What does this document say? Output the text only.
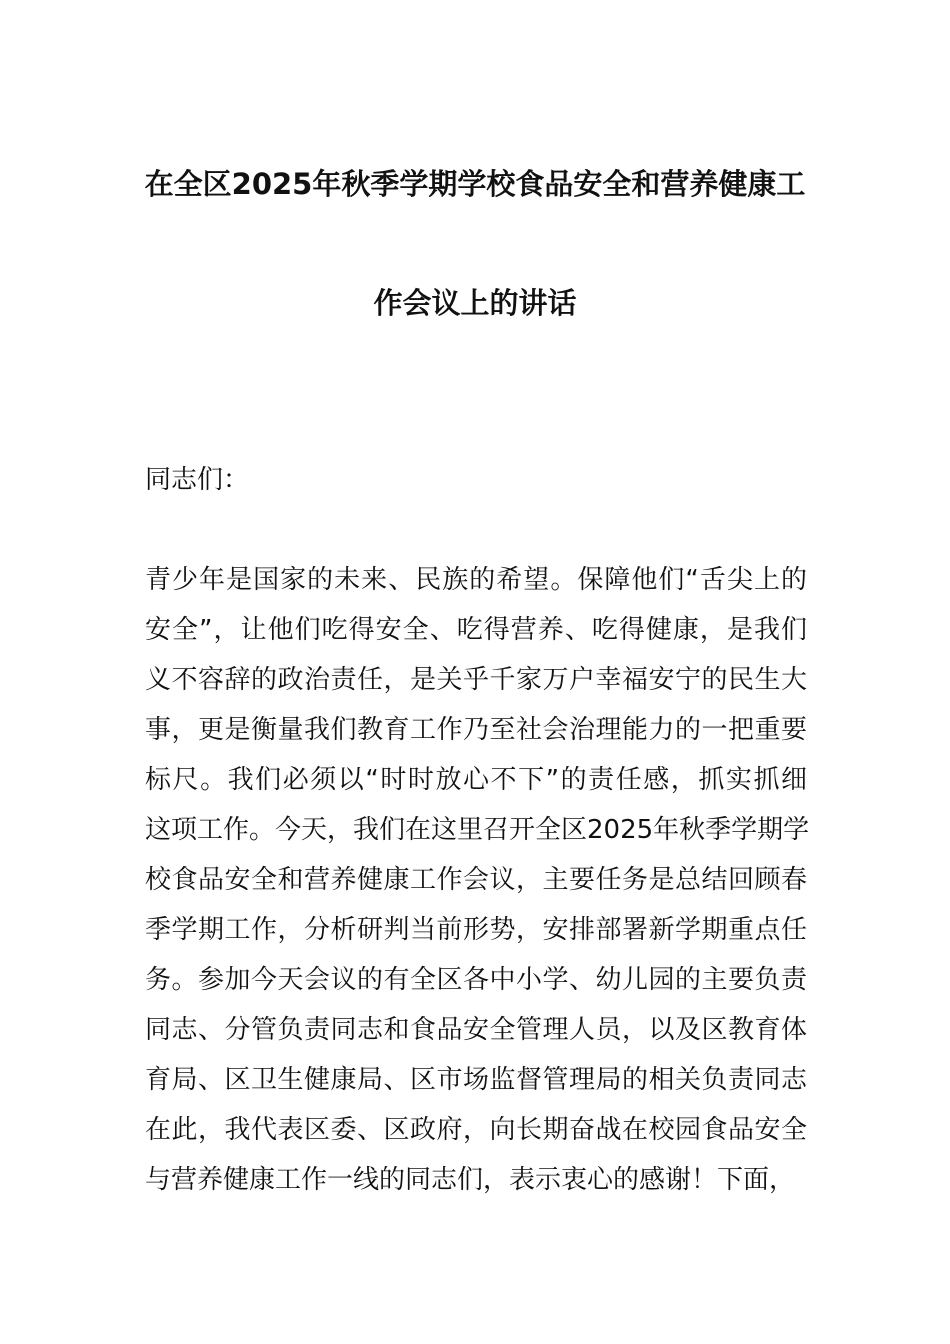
在全区2025年秋季学期学校食品安全和营养健康工
作会议上的讲话
同志们：
青少年是国家的未来、民族的希望。保障他们“舌尖上的
安全”，让他们吃得安全、吃得营养、吃得健康，是我们
义不容辞的政治责任，是关乎千家万户幸福安宁的民生大
事，更是衡量我们教育工作乃至社会治理能力的一把重要
标尺。我们必须以“时时放心不下”的责任感，抓实抓细
这项工作。今天，我们在这里召开全区2025年秋季学期学
校食品安全和营养健康工作会议，主要任务是总结回顾春
季学期工作，分析研判当前形势，安排部署新学期重点任
务。参加今天会议的有全区各中小学、幼儿园的主要负责
同志、分管负责同志和食品安全管理人员，以及区教育体
育局、区卫生健康局、区市场监督管理局的相关负责同志
在此，我代表区委、区政府，向长期奋战在校园食品安全
与营养健康工作一线的同志们，表示衷心的感谢！下面，
